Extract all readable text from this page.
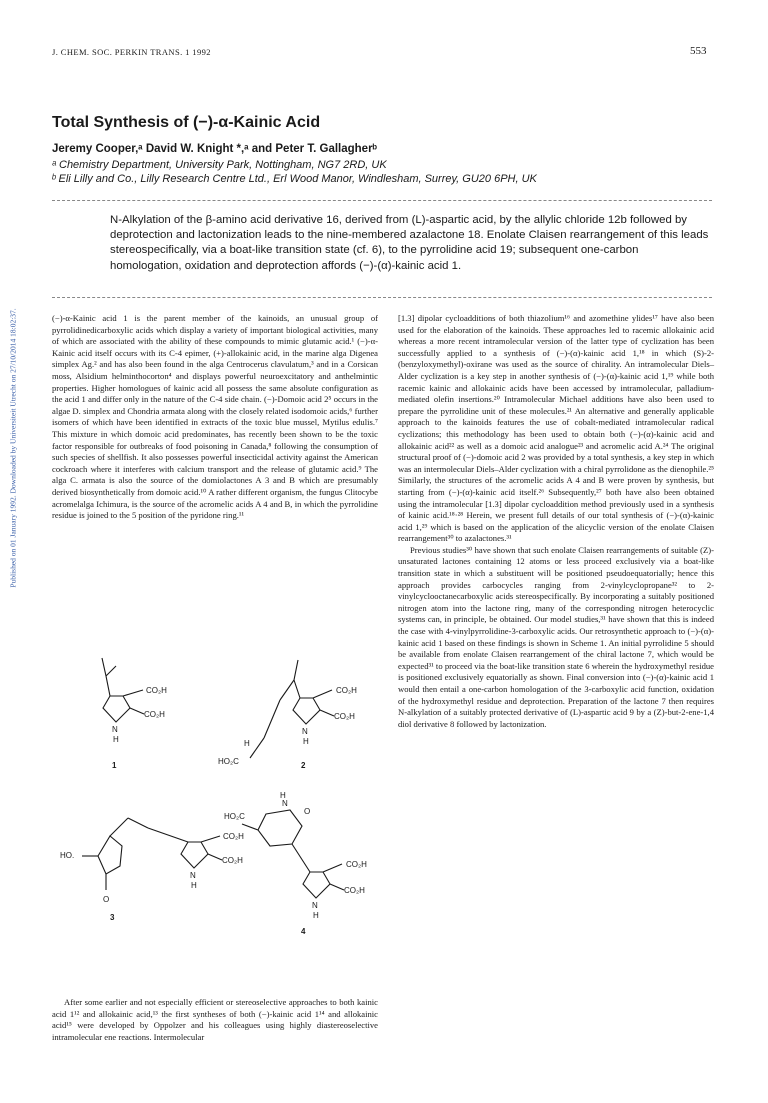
J. CHEM. SOC. PERKIN TRANS. 1 1992	553
Published on 01 January 1992. Downloaded by Universiteit Utrecht on 27/10/2014 18:02:37.
Total Synthesis of (−)-α-Kainic Acid
Jeremy Cooper,ᵃ David W. Knight *,ᵃ and Peter T. Gallagherᵇ
ᵃ Chemistry Department, University Park, Nottingham, NG7 2RD, UK
ᵇ Eli Lilly and Co., Lilly Research Centre Ltd., Erl Wood Manor, Windlesham, Surrey, GU20 6PH, UK
N-Alkylation of the β-amino acid derivative 16, derived from (L)-aspartic acid, by the allylic chloride 12b followed by deprotection and lactonization leads to the nine-membered azalactone 18. Enolate Claisen rearrangement of this leads stereospecifically, via a boat-like transition state (cf. 6), to the pyrrolidine acid 19; subsequent one-carbon homologation, oxidation and deprotection affords (−)-(α)-kainic acid 1.

(−)-α-Kainic acid 1 is the parent member of the kainoids, an unusual group of pyrrolidinedicarboxylic acids which display a variety of important biological activities, many of which are associated with the ability of these compounds to mimic glutamic acid.¹ (−)-α-Kainic acid itself occurs with its C-4 epimer, (+)-allokainic acid, in the marine alga Digenea simplex Ag.² and has also been found in the alga Centrocerus clavulatum,³ and in a Corsican moss, Alsidium helminthocorton⁴ and displays powerful neuroexcitatory and anthelmintic properties. Higher homologues of kainic acid all possess the same absolute configuration as the acid 1 and differ only in the nature of the C-4 side chain. (−)-Domoic acid 2⁵ occurs in the algae D. simplex and Chondria armata along with the closely related isodomoic acids,⁶ further isomers of which have been identified in extracts of the toxic blue mussel, Mytilus edulis.⁷ This mixture in which domoic acid predominates, has recently been shown to be the toxic factor responsible for outbreaks of food poisoning in Canada,⁸ following the consumption of such species of shellfish. It also possesses powerful insecticidal activity against the American cockroach where it interferes with calcium transport and the release of glutamic acid.⁹ The alga C. armata is also the source of the domiolactones A 3 and B which are presumably derived biosynthetically from domoic acid.¹⁰ A rather different organism, the fungus Clitocybe acromelalga Ichimura, is the source of the acromelic acids A 4 and B, in which the pyrrolidine residue is joined to the 5 position of the pyridone ring.¹¹

CO₂H
CO₂H
N
H
1
CO₂H
CO₂H
N
H
H
HO₂C	2
CO₂H
CO₂H
N
H
HO.
O
3
CO₂H
CO₂H
N
H
O
HO₂C
N
H
4

After some earlier and not especially efficient or stereoselective approaches to both kainic acid 1¹² and allokainic acid,¹³ the first syntheses of both (−)-kainic acid 1¹⁴ and allokainic acid¹⁵ were developed by Oppolzer and his colleagues using highly diastereoselective intramolecular ene reactions. Intermolecular

[1.3] dipolar cycloadditions of both thiazolium¹⁶ and azomethine ylides¹⁷ have also been used for the elaboration of the kainoids. These approaches led to racemic allokainic acid whereas a more recent intramolecular version of the latter type of cyclization has been successfully applied to a synthesis of (−)-(α)-kainic acid 1,¹⁸ in which (S)-2-(benzyloxymethyl)-oxirane was used as the source of chirality. An intramolecular Diels–Alder cyclization is a key step in another synthesis of (−)-(α)-kainic acid 1,¹⁹ while both racemic kainic and allokainic acids have been accessed by intramolecular, palladium-mediated olefin insertions.²⁰ Intramolecular Michael additions have also been used to prepare the pyrrolidine unit of these molecules.²¹ An alternative and generally applicable approach to the kainoids features the use of cobalt-mediated intramolecular radical cyclizations; this methodology has been used to obtain both (−)-(α)-kainic acid and allokainic acid²² as well as a domoic acid analogue²³ and acromelic acid A.²⁴ The original structural proof of (−)-domoic acid 2 was provided by a total synthesis, a key step in which was an intermolecular Diels–Alder cyclization with a chiral pyrrolidone as the dienophile.²⁵ Similarly, the structures of the acromelic acids A 4 and B were proven by synthesis, but starting from (−)-(α)-kainic acid itself.²⁶ Subsequently,²⁷ both have also been obtained using the intramolecular [1.3] dipolar cycloaddition method previously used in a synthesis of kainic acid.¹⁸·²⁸ Herein, we present full details of our total synthesis of (−)-(α)-kainic acid 1,²⁹ which is based on the application of the alicyclic version of the enolate Claisen rearrangement³⁰ to azalactones.³¹

Previous studies³⁰ have shown that such enolate Claisen rearrangements of suitable (Z)-unsaturated lactones containing 12 atoms or less proceed exclusively via a boat-like transition state in which a substituent will be positioned pseudoequatorially; hence this approach provides carbocycles ranging from 2-vinylcyclopropane³² to 2-vinylcyclooctanecarboxylic acids stereospecifically. By incorporating a suitably positioned nitrogen atom into the lactone ring, many of the corresponding nitrogen heterocyclic systems can, in principle, be obtained. Our model studies,³¹ have shown that this is indeed the case with 4-vinylpyrrolidine-3-carboxylic acids. Our retrosynthetic approach to (−)-(α)-kainic acid 1 based on these findings is shown in Scheme 1. An initial pyrrolidine 5 should be available from enolate Claisen rearrangement of the chiral lactone 7, which would be expected³¹ to proceed via the boat-like transition state 6 wherein the hydroxymethyl residue is positioned exclusively equatorially as shown. Final conversion into (−)-(α)-kainic acid 1 would then entail a one-carbon homologation of the 3-carboxylic acid function, oxidation of the hydroxymethyl residue and deprotection. Preparation of the lactone 7 then requires N-alkylation of a suitably protected derivative of (L)-aspartic acid 9 by a (Z)-but-2-ene-1,4 diol derivative 8 followed by lactonization.
